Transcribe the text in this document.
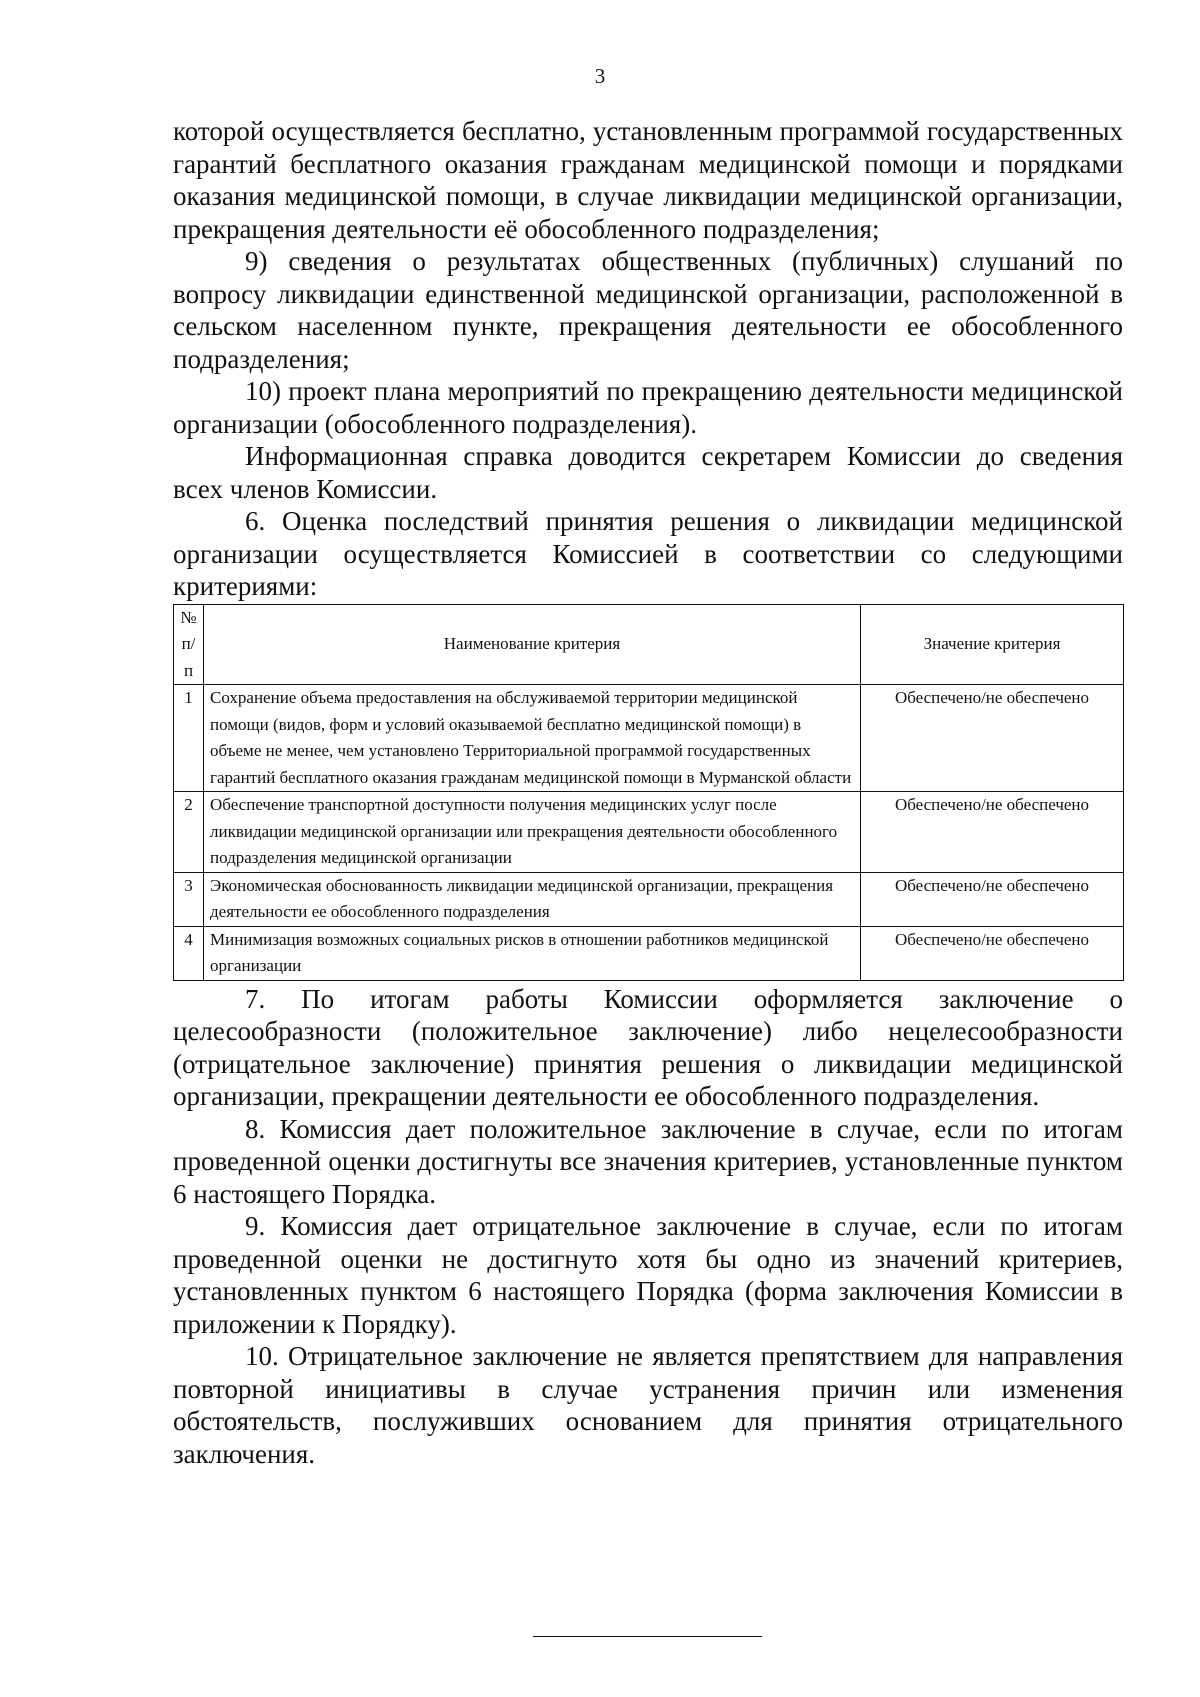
3

которой осуществляется бесплатно, установленным программой государственных гарантий бесплатного оказания гражданам медицинской помощи и порядками оказания медицинской помощи, в случае ликвидации медицинской организации, прекращения деятельности её обособленного подразделения;

9) сведения о результатах общественных (публичных) слушаний по вопросу ликвидации единственной медицинской организации, расположенной в сельском населенном пункте, прекращения деятельности ее обособленного подразделения;

10) проект плана мероприятий по прекращению деятельности медицинской организации (обособленного подразделения).

Информационная справка доводится секретарем Комиссии до сведения всех членов Комиссии.

6. Оценка последствий принятия решения о ликвидации медицинской организации осуществляется Комиссией в соответствии со следующими критериями:

№ п/п	Наименование критерия	Значение критерия
1	Сохранение объема предоставления на обслуживаемой территории медицинской помощи (видов, форм и условий оказываемой бесплатно медицинской помощи) в объеме не менее, чем установлено Территориальной программой государственных гарантий бесплатного оказания гражданам медицинской помощи в Мурманской области	Обеспечено/не обеспечено
2	Обеспечение транспортной доступности получения медицинских услуг после ликвидации медицинской организации или прекращения деятельности обособленного подразделения медицинской организации	Обеспечено/не обеспечено
3	Экономическая обоснованность ликвидации медицинской организации, прекращения деятельности ее обособленного подразделения	Обеспечено/не обеспечено
4	Минимизация возможных социальных рисков в отношении работников медицинской организации	Обеспечено/не обеспечено

7. По итогам работы Комиссии оформляется заключение о целесообразности (положительное заключение) либо нецелесообразности (отрицательное заключение) принятия решения о ликвидации медицинской организации, прекращении деятельности ее обособленного подразделения.

8. Комиссия дает положительное заключение в случае, если по итогам проведенной оценки достигнуты все значения критериев, установленные пунктом 6 настоящего Порядка.

9. Комиссия дает отрицательное заключение в случае, если по итогам проведенной оценки не достигнуто хотя бы одно из значений критериев, установленных пунктом 6 настоящего Порядка (форма заключения Комиссии в приложении к Порядку).

10. Отрицательное заключение не является препятствием для направления повторной инициативы в случае устранения причин или изменения обстоятельств, послуживших основанием для принятия отрицательного заключения.
